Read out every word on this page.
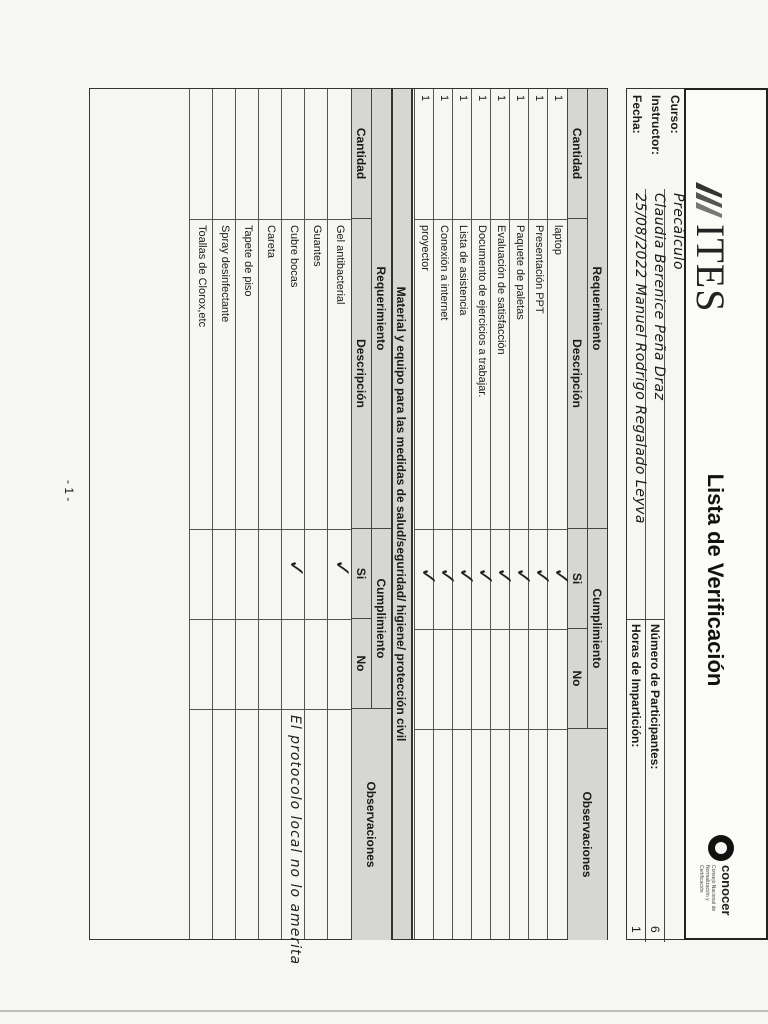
ITES
Lista de Verificación
conocer
Consejo Nacional de Normalización y Certificación
Curso:
Precálculo
Instructor:
Claudia Berenice Peña Draz
Fecha:
25/08/2022 Manuel Rodrigo Regalado Leyva
Número de Participantes:
6
Horas de Impartición:
1
Requerimiento
Cumplimiento
Observaciones
Cantidad
Descripción
Si
No
1
laptop
✓
1
Presentación PPT
✓
1
Paquete de paletas
✓
1
Evaluación de satisfacción
✓
1
Documento de ejercicios a trabajar.
✓
1
Lista de asistencia
✓
1
Conexión a internet
✓
1
proyector
✓
Material y equipo para las medidas de salud/seguridad/ higiene/ protección civil
Requerimiento
Cumplimiento
Observaciones
Cantidad
Descripción
Si
No
Gel antibacterial
✓
Guantes
Cubre bocas
✓
El protocolo local no lo amerita
Careta
Tapete de piso
Spray desinfectante
Toallas de Clorox,etc
- 1 -
